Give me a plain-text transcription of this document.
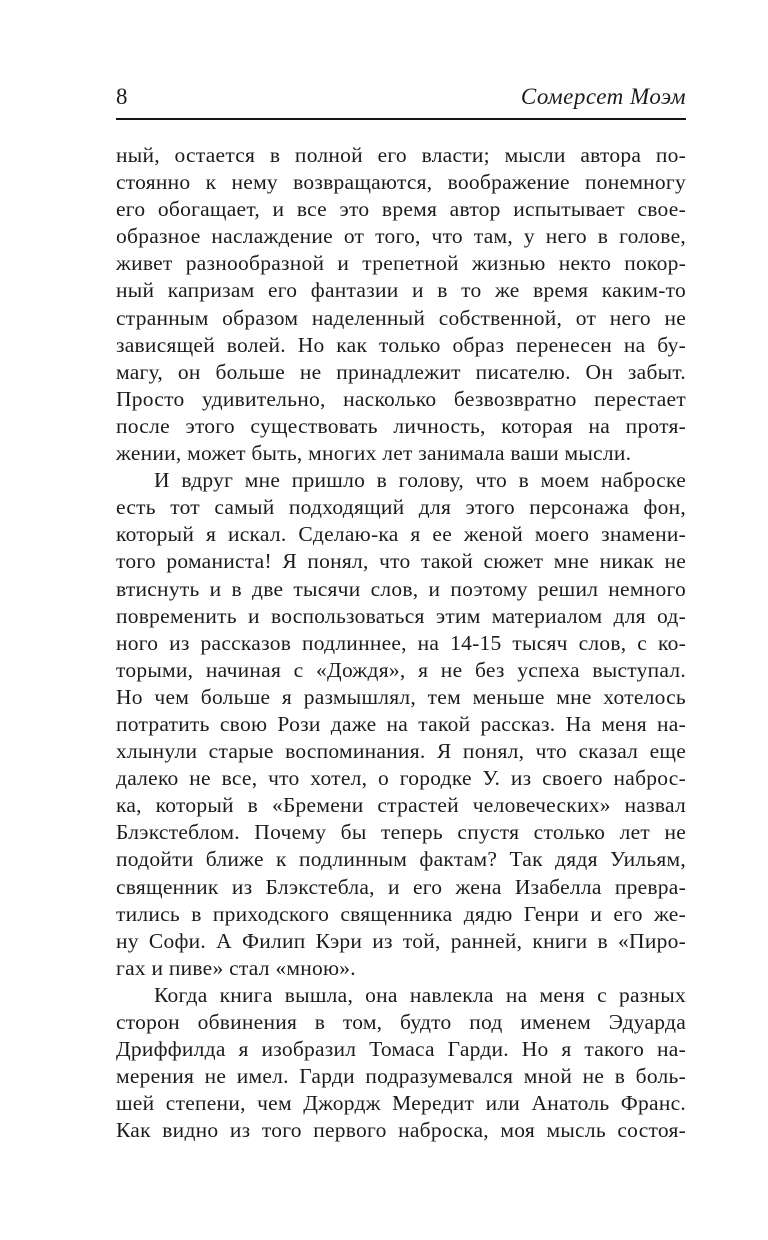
8	Сомерсет Моэм
ный, остается в полной его власти; мысли автора по-
стоянно к нему возвращаются, воображение понемногу
его обогащает, и все это время автор испытывает свое-
образное наслаждение от того, что там, у него в голове,
живет разнообразной и трепетной жизнью некто покор-
ный капризам его фантазии и в то же время каким-то
странным образом наделенный собственной, от него не
зависящей волей. Но как только образ перенесен на бу-
магу, он больше не принадлежит писателю. Он забыт.
Просто удивительно, насколько безвозвратно перестает
после этого существовать личность, которая на протя-
жении, может быть, многих лет занимала ваши мысли.
И вдруг мне пришло в голову, что в моем наброске
есть тот самый подходящий для этого персонажа фон,
который я искал. Сделаю-ка я ее женой моего знамени-
того романиста! Я понял, что такой сюжет мне никак не
втиснуть и в две тысячи слов, и поэтому решил немного
повременить и воспользоваться этим материалом для од-
ного из рассказов подлиннее, на 14-15 тысяч слов, с ко-
торыми, начиная с «Дождя», я не без успеха выступал.
Но чем больше я размышлял, тем меньше мне хотелось
потратить свою Рози даже на такой рассказ. На меня на-
хлынули старые воспоминания. Я понял, что сказал еще
далеко не все, что хотел, о городке У. из своего наброс-
ка, который в «Бремени страстей человеческих» назвал
Блэкстеблом. Почему бы теперь спустя столько лет не
подойти ближе к подлинным фактам? Так дядя Уильям,
священник из Блэкстебла, и его жена Изабелла превра-
тились в приходского священника дядю Генри и его же-
ну Софи. А Филип Кэри из той, ранней, книги в «Пиро-
гах и пиве» стал «мною».
Когда книга вышла, она навлекла на меня с разных
сторон обвинения в том, будто под именем Эдуарда
Дриффилда я изобразил Томаса Гарди. Но я такого на-
мерения не имел. Гарди подразумевался мной не в боль-
шей степени, чем Джордж Мередит или Анатоль Франс.
Как видно из того первого наброска, моя мысль состоя-
